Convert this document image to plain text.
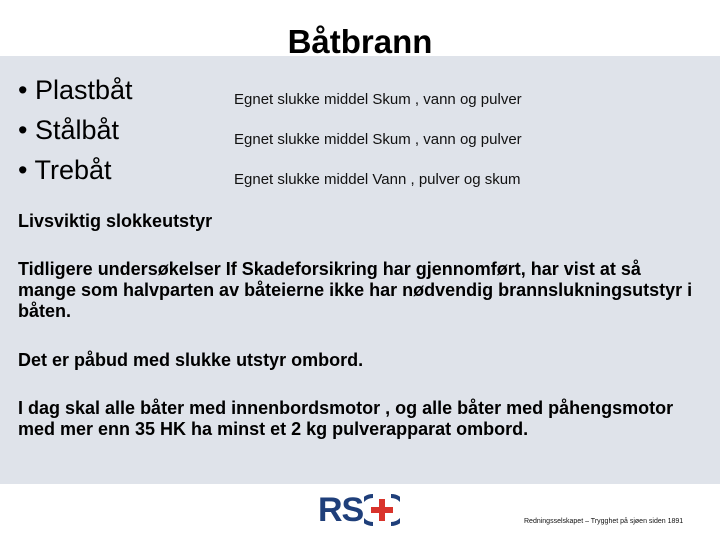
Båtbrann
• Plastbåt
• Stålbåt
• Trebåt
Egnet slukke middel Skum , vann og pulver
Egnet slukke middel Skum , vann og pulver
Egnet slukke middel Vann , pulver og skum
Livsviktig slokkeutstyr
Tidligere undersøkelser If Skadeforsikring har gjennomført, har vist at så mange som halvparten av båteierne ikke har nødvendig brannslukningsutstyr i båten.
Det er påbud med slukke utstyr ombord.
I dag skal alle båter med innenbordsmotor , og alle båter med påhengsmotor med mer enn 35 HK ha minst et 2 kg pulverapparat ombord.
RS	Redningsselskapet – Trygghet på sjøen siden 1891
